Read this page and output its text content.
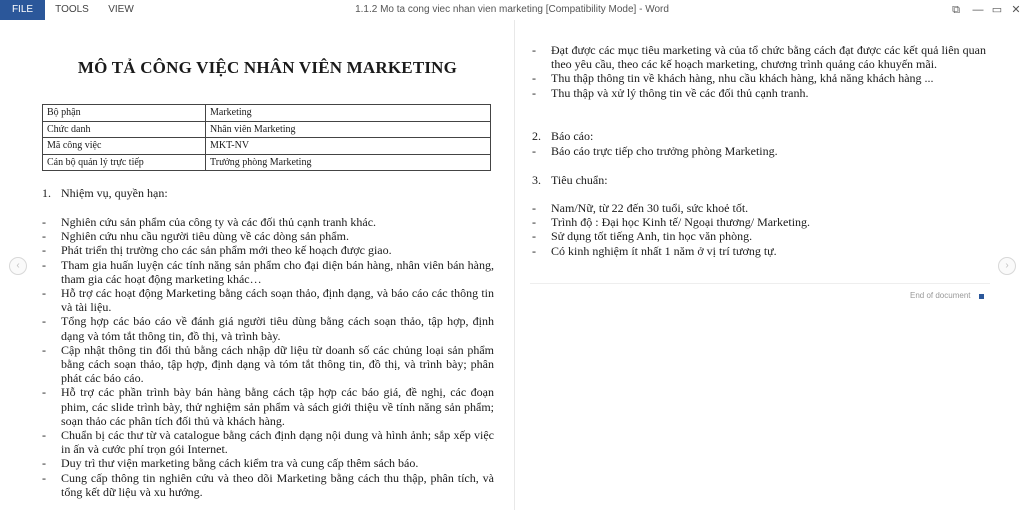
FILE	TOOLS	VIEW	1.1.2 Mo ta cong viec nhan vien marketing [Compatibility Mode] - Word	⧉	— ▭ ✕
‹	›
MÔ TẢ CÔNG VIỆC NHÂN VIÊN MARKETING
Bộ phận	Marketing
Chức danh	Nhân viên Marketing
Mã công việc	MKT-NV
Cán bộ quản lý trực tiếp	Trưởng phòng Marketing
1. Nhiệm vụ, quyền hạn:
- Nghiên cứu sản phẩm của công ty và các đối thủ cạnh tranh khác.
- Nghiên cứu nhu cầu người tiêu dùng về các dòng sản phẩm.
- Phát triển thị trường cho các sản phẩm mới theo kế hoạch được giao.
- Tham gia huấn luyện các tính năng sản phẩm cho đại diện bán hàng, nhân viên bán hàng, tham gia các hoạt động marketing khác…
- Hỗ trợ các hoạt động Marketing bằng cách soạn thảo, định dạng, và báo cáo các thông tin và tài liệu.
- Tổng hợp các báo cáo về đánh giá người tiêu dùng bằng cách soạn thảo, tập hợp, định dạng và tóm tắt thông tin, đồ thị, và trình bày.
- Cập nhật thông tin đối thủ bằng cách nhập dữ liệu từ doanh số các chủng loại sản phẩm bằng cách soạn thảo, tập hợp, định dạng và tóm tắt thông tin, đồ thị, và trình bày; phân phát các báo cáo.
- Hỗ trợ các phần trình bày bán hàng bằng cách tập hợp các báo giá, đề nghị, các đoạn phim, các slide trình bày, thử nghiệm sản phẩm và sách giới thiệu về tính năng sản phẩm; soạn thảo các phân tích đối thủ và khách hàng.
- Chuẩn bị các thư từ và catalogue bằng cách định dạng nội dung và hình ảnh; sắp xếp việc in ấn và cước phí trọn gói Internet.
- Duy trì thư viện marketing bằng cách kiểm tra và cung cấp thêm sách báo.
- Cung cấp thông tin nghiên cứu và theo dõi Marketing bằng cách thu thập, phân tích, và tổng kết dữ liệu và xu hướng.
- Đạt được các mục tiêu marketing và của tổ chức bằng cách đạt được các kết quả liên quan theo yêu cầu, theo các kế hoạch marketing, chương trình quảng cáo khuyến mãi.
- Thu thập thông tin về khách hàng, nhu cầu khách hàng, khả năng khách hàng ...
- Thu thập và xử lý thông tin về các đối thủ cạnh tranh.
2. Báo cáo:
- Báo cáo trực tiếp cho trưởng phòng Marketing.
3. Tiêu chuẩn:
- Nam/Nữ, từ 22 đến 30 tuổi, sức khoẻ tốt.
- Trình độ : Đại học Kinh tế/ Ngoại thương/ Marketing.
- Sử dụng tốt tiếng Anh, tin học văn phòng.
- Có kinh nghiệm ít nhất 1 năm ở vị trí tương tự.
End of document
